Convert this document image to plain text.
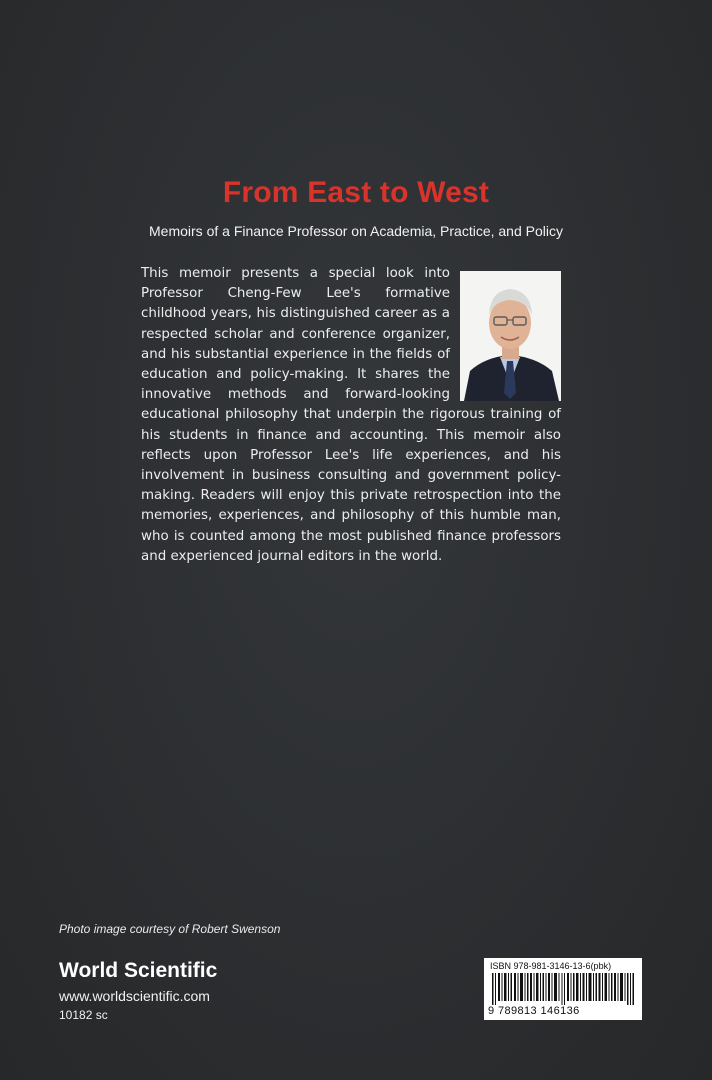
From East to West
Memoirs of a Finance Professor on Academia, Practice, and Policy
This memoir presents a special look into Professor Cheng-Few Lee's formative childhood years, his distinguished career as a respected scholar and conference organizer, and his substantial experience in the fields of education and policy-making. It shares the innovative methods and forward-looking educational philosophy that underpin the rigorous training of his students in finance and accounting. This memoir also reflects upon Professor Lee's life experiences, and his involvement in business consulting and government policy-making. Readers will enjoy this private retrospection into the memories, experiences, and philosophy of this humble man, who is counted among the most published finance professors and experienced journal editors in the world.
Photo image courtesy of Robert Swenson
World Scientific
www.worldscientific.com
10182 sc
ISBN 978-981-3146-13-6(pbk)
9 789813 146136
